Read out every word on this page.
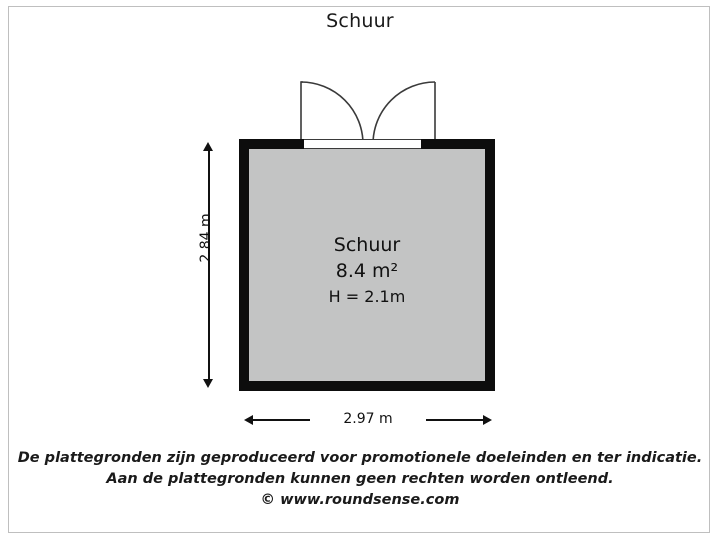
Schuur
Schuur
8.4 m²
H = 2.1m
2.84 m
2.97 m
De plattegronden zijn geproduceerd voor promotionele doeleinden en ter indicatie.
Aan de plattegronden kunnen geen rechten worden ontleend.
© www.roundsense.com
